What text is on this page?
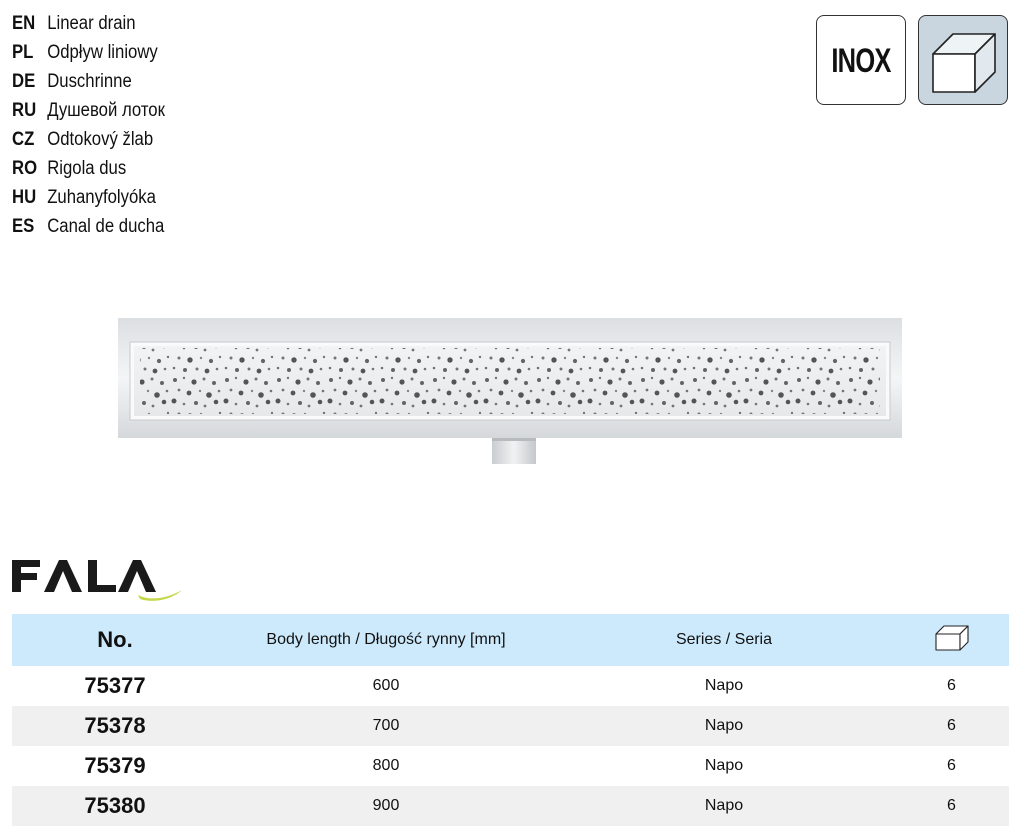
EN Linear drain
PL Odpływ liniowy
DE Duschrinne
RU Душевой лоток
CZ Odtokový žlab
RO Rigola dus
HU Zuhanyfolyóka
ES Canal de ducha
INOX
No.	Body length / Długość rynny [mm]	Series / Seria
75377	600	Napo	6
75378	700	Napo	6
75379	800	Napo	6
75380	900	Napo	6
